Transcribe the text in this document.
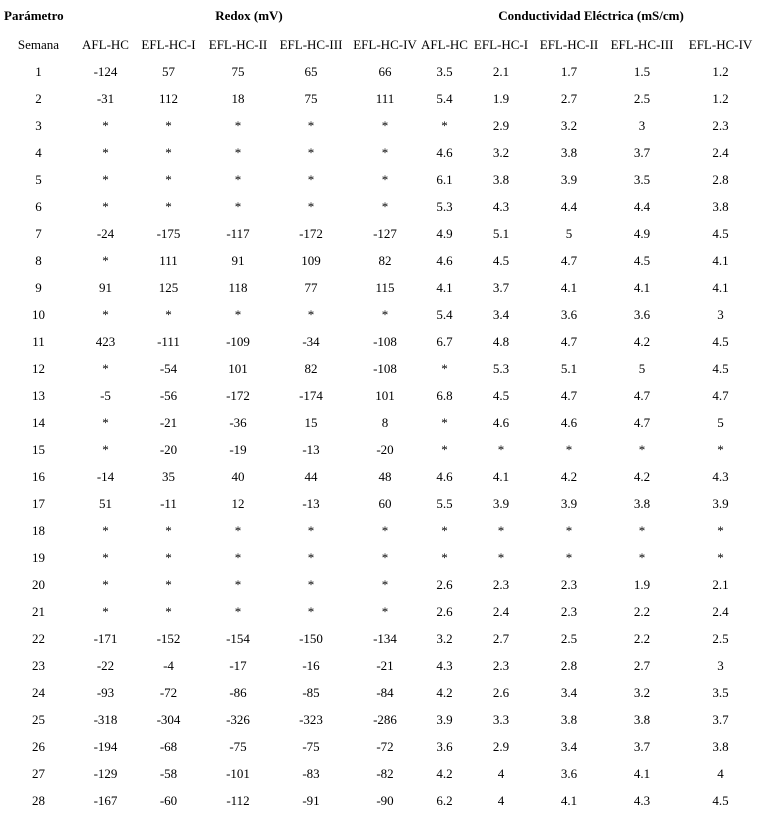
Parámetro	Redox (mV)					Conductividad Eléctrica (mS/cm)				
Semana	AFL-HC	EFL-HC-I	EFL-HC-II	EFL-HC-III	EFL-HC-IV	AFL-HC	EFL-HC-I	EFL-HC-II	EFL-HC-III	EFL-HC-IV
1	-124	57	75	65	66	3.5	2.1	1.7	1.5	1.2
2	-31	112	18	75	111	5.4	1.9	2.7	2.5	1.2
3	*	*	*	*	*	*	2.9	3.2	3	2.3
4	*	*	*	*	*	4.6	3.2	3.8	3.7	2.4
5	*	*	*	*	*	6.1	3.8	3.9	3.5	2.8
6	*	*	*	*	*	5.3	4.3	4.4	4.4	3.8
7	-24	-175	-117	-172	-127	4.9	5.1	5	4.9	4.5
8	*	111	91	109	82	4.6	4.5	4.7	4.5	4.1
9	91	125	118	77	115	4.1	3.7	4.1	4.1	4.1
10	*	*	*	*	*	5.4	3.4	3.6	3.6	3
11	423	-111	-109	-34	-108	6.7	4.8	4.7	4.2	4.5
12	*	-54	101	82	-108	*	5.3	5.1	5	4.5
13	-5	-56	-172	-174	101	6.8	4.5	4.7	4.7	4.7
14	*	-21	-36	15	8	*	4.6	4.6	4.7	5
15	*	-20	-19	-13	-20	*	*	*	*	*
16	-14	35	40	44	48	4.6	4.1	4.2	4.2	4.3
17	51	-11	12	-13	60	5.5	3.9	3.9	3.8	3.9
18	*	*	*	*	*	*	*	*	*	*
19	*	*	*	*	*	*	*	*	*	*
20	*	*	*	*	*	2.6	2.3	2.3	1.9	2.1
21	*	*	*	*	*	2.6	2.4	2.3	2.2	2.4
22	-171	-152	-154	-150	-134	3.2	2.7	2.5	2.2	2.5
23	-22	-4	-17	-16	-21	4.3	2.3	2.8	2.7	3
24	-93	-72	-86	-85	-84	4.2	2.6	3.4	3.2	3.5
25	-318	-304	-326	-323	-286	3.9	3.3	3.8	3.8	3.7
26	-194	-68	-75	-75	-72	3.6	2.9	3.4	3.7	3.8
27	-129	-58	-101	-83	-82	4.2	4	3.6	4.1	4
28	-167	-60	-112	-91	-90	6.2	4	4.1	4.3	4.5
